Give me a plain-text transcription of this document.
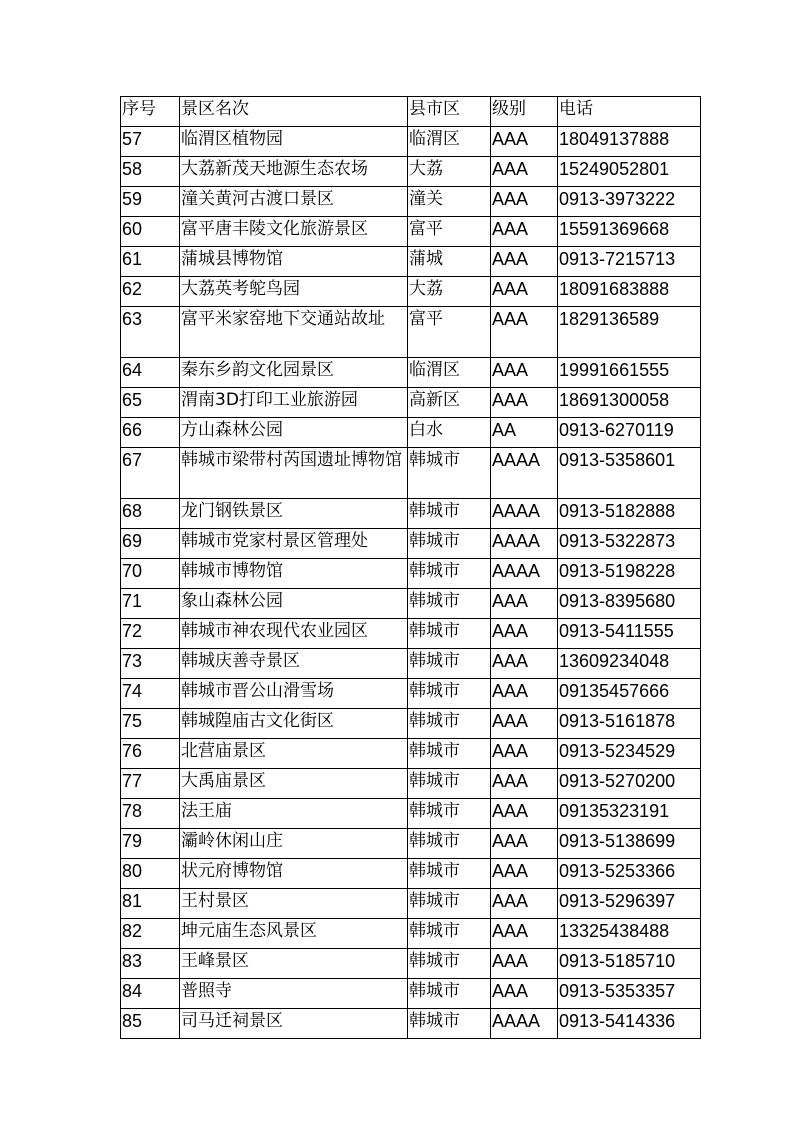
序号	景区名次	县市区	级别	电话
57	临渭区植物园	临渭区	AAA	18049137888
58	大荔新茂天地源生态农场	大荔	AAA	15249052801
59	潼关黄河古渡口景区	潼关	AAA	0913-3973222
60	富平唐丰陵文化旅游景区	富平	AAA	15591369668
61	蒲城县博物馆	蒲城	AAA	0913-7215713
62	大荔英考鸵鸟园	大荔	AAA	18091683888
63	富平米家窑地下交通站故址	富平	AAA	1829136589
64	秦东乡韵文化园景区	临渭区	AAA	19991661555
65	渭南3D打印工业旅游园	高新区	AAA	18691300058
66	方山森林公园	白水	AA	0913-6270119
67	韩城市梁带村芮国遗址博物馆	韩城市	AAAA	0913-5358601
68	龙门钢铁景区	韩城市	AAAA	0913-5182888
69	韩城市党家村景区管理处	韩城市	AAAA	0913-5322873
70	韩城市博物馆	韩城市	AAAA	0913-5198228
71	象山森林公园	韩城市	AAA	0913-8395680
72	韩城市神农现代农业园区	韩城市	AAA	0913-5411555
73	韩城庆善寺景区	韩城市	AAA	13609234048
74	韩城市晋公山滑雪场	韩城市	AAA	09135457666
75	韩城隍庙古文化街区	韩城市	AAA	0913-5161878
76	北营庙景区	韩城市	AAA	0913-5234529
77	大禹庙景区	韩城市	AAA	0913-5270200
78	法王庙	韩城市	AAA	09135323191
79	灞岭休闲山庄	韩城市	AAA	0913-5138699
80	状元府博物馆	韩城市	AAA	0913-5253366
81	王村景区	韩城市	AAA	0913-5296397
82	坤元庙生态风景区	韩城市	AAA	13325438488
83	王峰景区	韩城市	AAA	0913-5185710
84	普照寺	韩城市	AAA	0913-5353357
85	司马迁祠景区	韩城市	AAAA	0913-5414336
